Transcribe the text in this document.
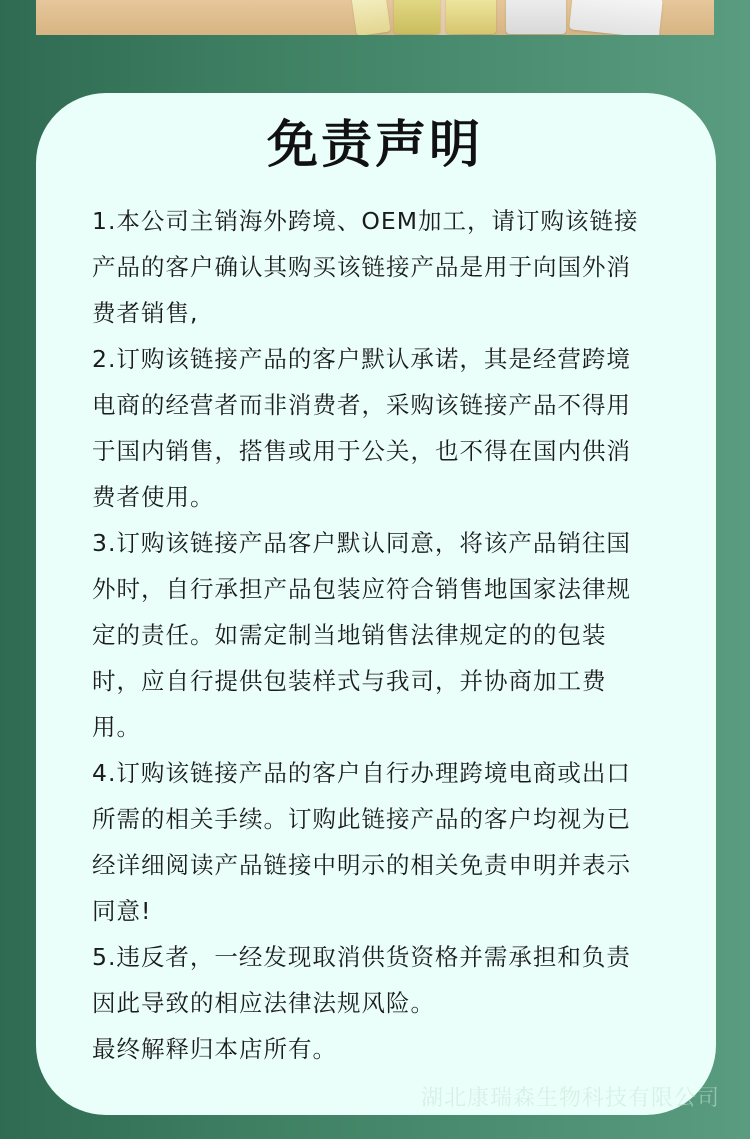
免责声明

1.本公司主销海外跨境、OEM加工，请订购该链接
产品的客户确认其购买该链接产品是用于向国外消
费者销售,

2.订购该链接产品的客户默认承诺，其是经营跨境
电商的经营者而非消费者，采购该链接产品不得用
于国内销售，搭售或用于公关，也不得在国内供消
费者使用。

3.订购该链接产品客户默认同意，将该产品销往国
外时，自行承担产品包装应符合销售地国家法律规
定的责任。如需定制当地销售法律规定的的包装
时，应自行提供包装样式与我司，并协商加工费
用。

4.订购该链接产品的客户自行办理跨境电商或出口
所需的相关手续。订购此链接产品的客户均视为已
经详细阅读产品链接中明示的相关免责申明并表示
同意!

5.违反者，一经发现取消供货资格并需承担和负责
因此导致的相应法律法规风险。

最终解释归本店所有。

湖北康瑞森生物科技有限公司
